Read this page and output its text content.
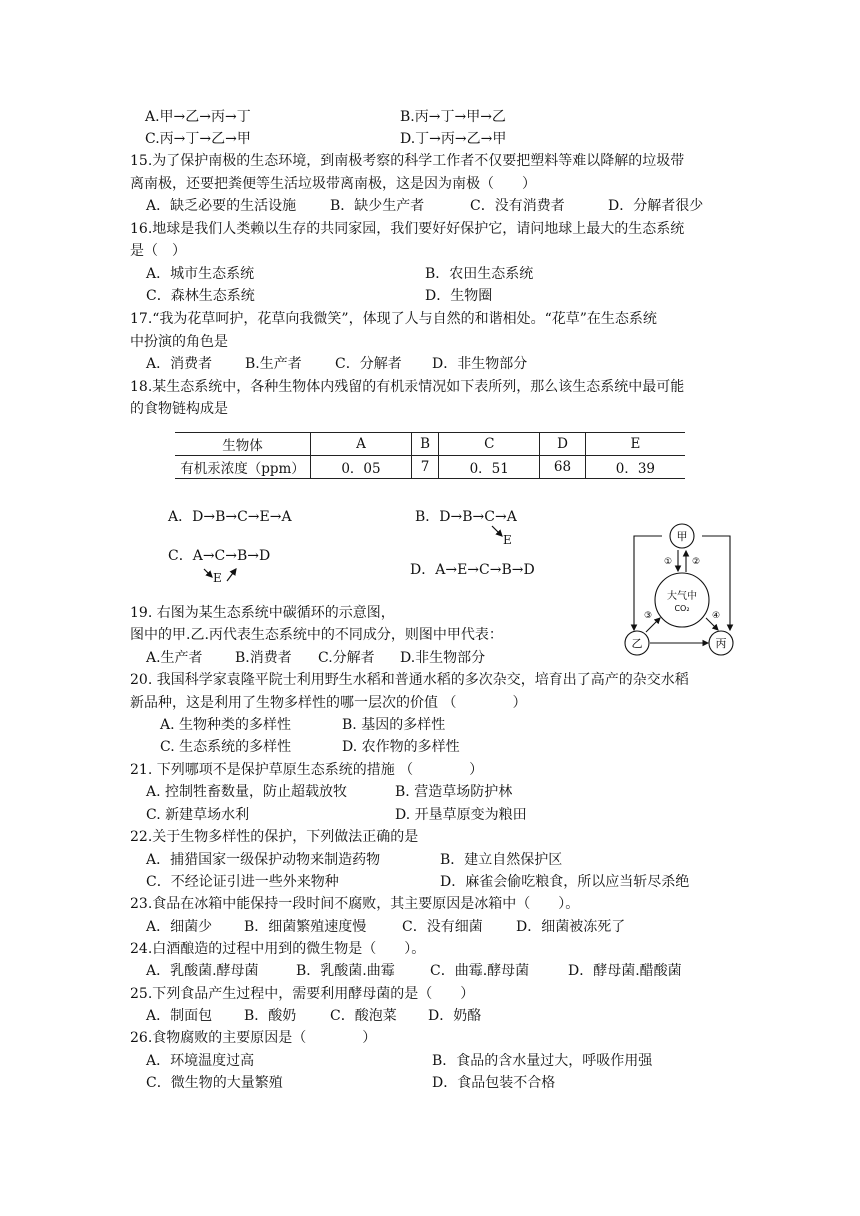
A.甲→乙→丙→丁	B.丙→丁→甲→乙
C.丙→丁→乙→甲	D.丁→丙→乙→甲
15.为了保护南极的生态环境，到南极考察的科学工作者不仅要把塑料等难以降解的垃圾带
离南极，还要把粪便等生活垃圾带离南极，这是因为南极（　　）
A．缺乏必要的生活设施 B．缺少生产者	C．没有消费者	D．分解者很少
16.地球是我们人类赖以生存的共同家园，我们要好好保护它，请问地球上最大的生态系统
是（　）
A．城市生态系统	B．农田生态系统
C．森林生态系统	D．生物圈
17.“我为花草呵护，花草向我微笑”，体现了人与自然的和谐相处。“花草”在生态系统
中扮演的角色是
A．消费者 B.生产者 C．分解者 D．非生物部分
18.某生态系统中，各种生物体内残留的有机汞情况如下表所列，那么该生态系统中最可能
的食物链构成是
生物体	A	B	C	D	E
有机汞浓度（ppm）	0．05	7	0．51	68	0．39
A．D→B→C→E→A	B．D→B→C→A
E
C．A→C→B→D
E	D．A→E→C→B→D
甲
大气中
CO₂
① ②
③	④
乙	丙
19. 右图为某生态系统中碳循环的示意图，
图中的甲.乙.丙代表生态系统中的不同成分，则图中甲代表：
A.生产者 B.消费者 C.分解者 D.非生物部分
20. 我国科学家袁隆平院士利用野生水稻和普通水稻的多次杂交，培育出了高产的杂交水稻
新品种，这是利用了生物多样性的哪一层次的价值 （　　　　）
A. 生物种类的多样性	B. 基因的多样性
C. 生态系统的多样性	D. 农作物的多样性
21. 下列哪项不是保护草原生态系统的措施 （　　　　）
A. 控制牲畜数量，防止超载放牧	B. 营造草场防护林
C. 新建草场水利	D. 开垦草原变为粮田
22.关于生物多样性的保护，下列做法正确的是
A．捕猎国家一级保护动物来制造药物	B．建立自然保护区
C．不经论证引进一些外来物种	D．麻雀会偷吃粮食，所以应当斩尽杀绝
23.食品在冰箱中能保持一段时间不腐败，其主要原因是冰箱中（　　）。
A．细菌少 B．细菌繁殖速度慢	C．没有细菌 D．细菌被冻死了
24.白酒酿造的过程中用到的微生物是（　　）。
A．乳酸菌.酵母菌	B．乳酸菌.曲霉	C．曲霉.酵母菌	D．酵母菌.醋酸菌
25.下列食品产生过程中，需要利用酵母菌的是（　　）
A．制面包 B．酸奶 C．酸泡菜 D．奶酪
26.食物腐败的主要原因是（　　　　）
A．环境温度过高	B．食品的含水量过大，呼吸作用强
C．微生物的大量繁殖	D．食品包装不合格
